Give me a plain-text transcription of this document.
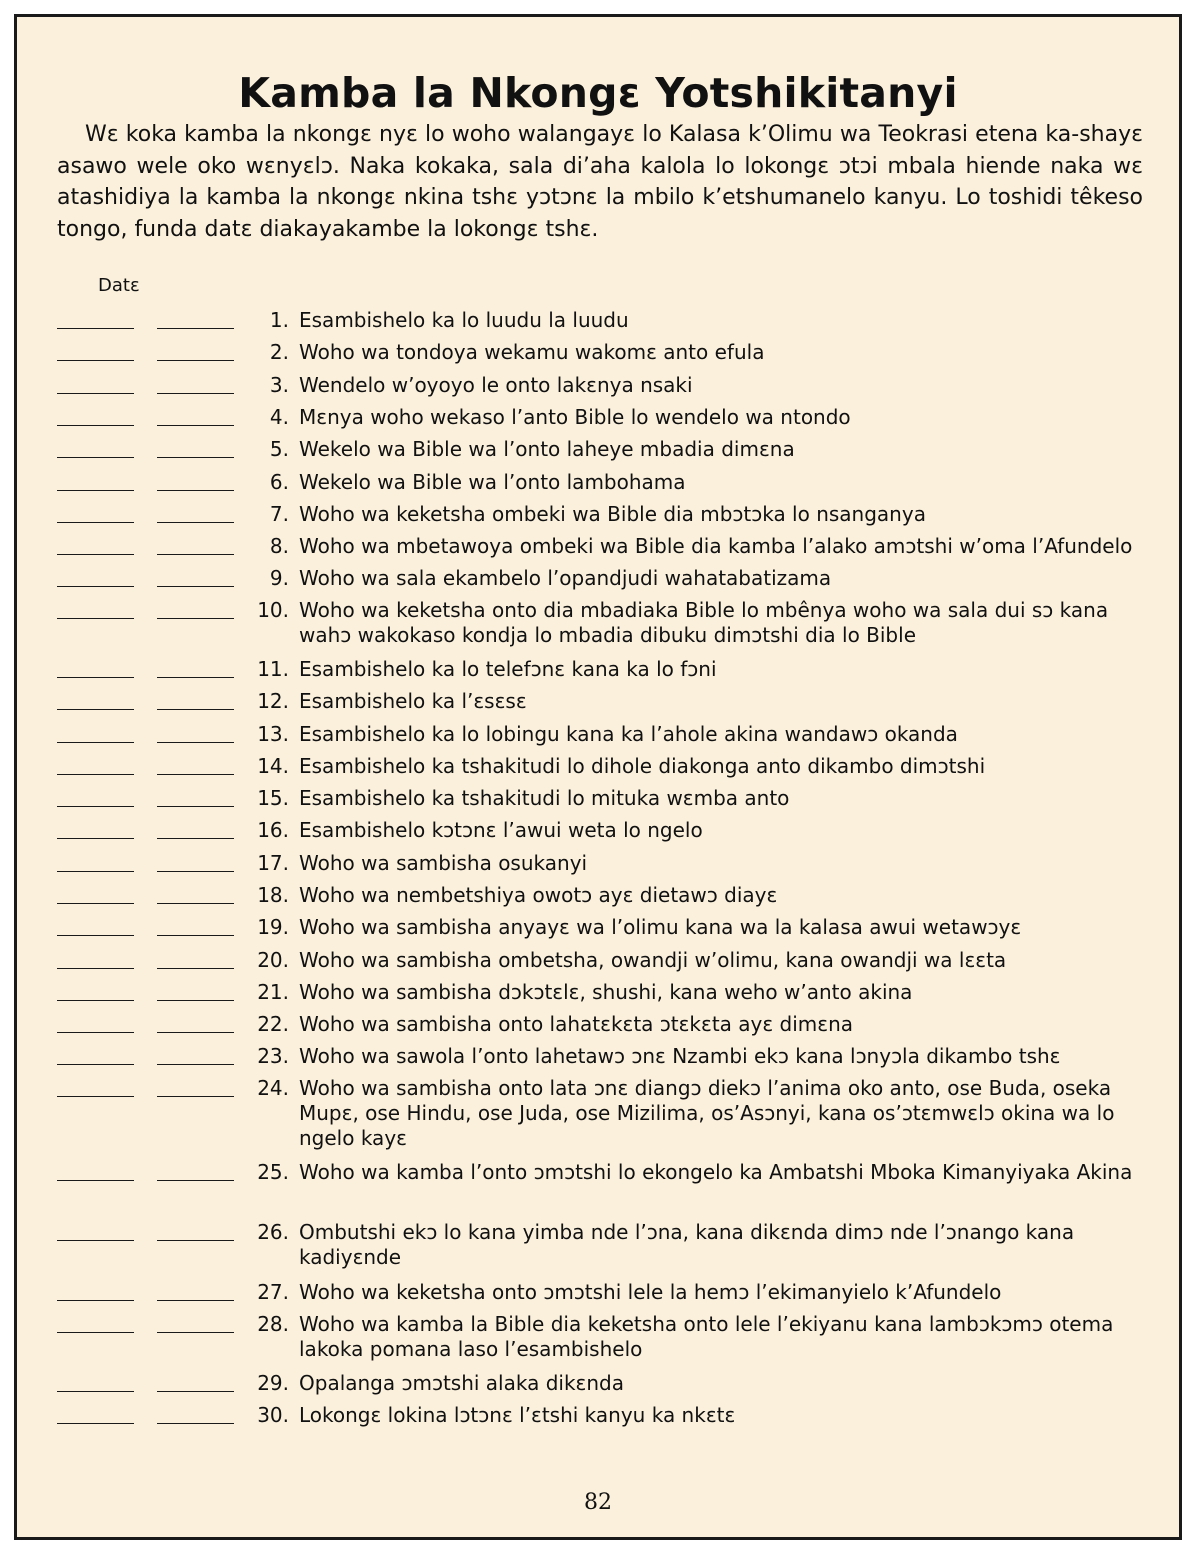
Kamba la Nkongɛ Yotshikitanyi

Wɛ koka kamba la nkongɛ nyɛ lo woho walangayɛ lo Kalasa k’Olimu wa Teokrasi etena ka-shayɛ asawo wele oko wɛnyɛlɔ. Naka kokaka, sala di’aha kalola lo lokongɛ ɔtɔi mbala hiende naka wɛ atashidiya la kamba la nkongɛ nkina tshɛ yɔtɔnɛ la mbilo k’etshumanelo kanyu. Lo toshidi têkeso tongo, funda datɛ diakayakambe la lokongɛ tshɛ.

Datɛ
1. Esambishelo ka lo luudu la luudu
2. Woho wa tondoya wekamu wakomɛ anto efula
3. Wendelo w’oyoyo le onto lakɛnya nsaki
4. Mɛnya woho wekaso l’anto Bible lo wendelo wa ntondo
5. Wekelo wa Bible wa l’onto laheye mbadia dimɛna
6. Wekelo wa Bible wa l’onto lambohama
7. Woho wa keketsha ombeki wa Bible dia mbɔtɔka lo nsanganya
8. Woho wa mbetawoya ombeki wa Bible dia kamba l’alako amɔtshi w’oma l’Afundelo
9. Woho wa sala ekambelo l’opandjudi wahatabatizama
10. Woho wa keketsha onto dia mbadiaka Bible lo mbênya woho wa sala dui sɔ kana wahɔ wakokaso kondja lo mbadia dibuku dimɔtshi dia lo Bible
11. Esambishelo ka lo telefɔnɛ kana ka lo fɔni
12. Esambishelo ka l’ɛsɛsɛ
13. Esambishelo ka lo lobingu kana ka l’ahole akina wandawɔ okanda
14. Esambishelo ka tshakitudi lo dihole diakonga anto dikambo dimɔtshi
15. Esambishelo ka tshakitudi lo mituka wɛmba anto
16. Esambishelo kɔtɔnɛ l’awui weta lo ngelo
17. Woho wa sambisha osukanyi
18. Woho wa nembetshiya owotɔ ayɛ dietawɔ diayɛ
19. Woho wa sambisha anyayɛ wa l’olimu kana wa la kalasa awui wetawɔyɛ
20. Woho wa sambisha ombetsha, owandji w’olimu, kana owandji wa lɛɛta
21. Woho wa sambisha dɔkɔtɛlɛ, shushi, kana weho w’anto akina
22. Woho wa sambisha onto lahatɛkɛta ɔtɛkɛta ayɛ dimɛna
23. Woho wa sawola l’onto lahetawɔ ɔnɛ Nzambi ekɔ kana lɔnyɔla dikambo tshɛ
24. Woho wa sambisha onto lata ɔnɛ diangɔ diekɔ l’anima oko anto, ose Buda, oseka Mupɛ, ose Hindu, ose Juda, ose Mizilima, os’Asɔnyi, kana os’ɔtɛmwɛlɔ okina wa lo ngelo kayɛ
25. Woho wa kamba l’onto ɔmɔtshi lo ekongelo ka Ambatshi Mboka Kimanyiyaka Akina
26. Ombutshi ekɔ lo kana yimba nde l’ɔna, kana dikɛnda dimɔ nde l’ɔnango kana kadiyɛnde
27. Woho wa keketsha onto ɔmɔtshi lele la hemɔ l’ekimanyielo k’Afundelo
28. Woho wa kamba la Bible dia keketsha onto lele l’ekiyanu kana lambɔkɔmɔ otema lakoka pomana laso l’esambishelo
29. Opalanga ɔmɔtshi alaka dikɛnda
30. Lokongɛ lokina lɔtɔnɛ l’ɛtshi kanyu ka nkɛtɛ
82
